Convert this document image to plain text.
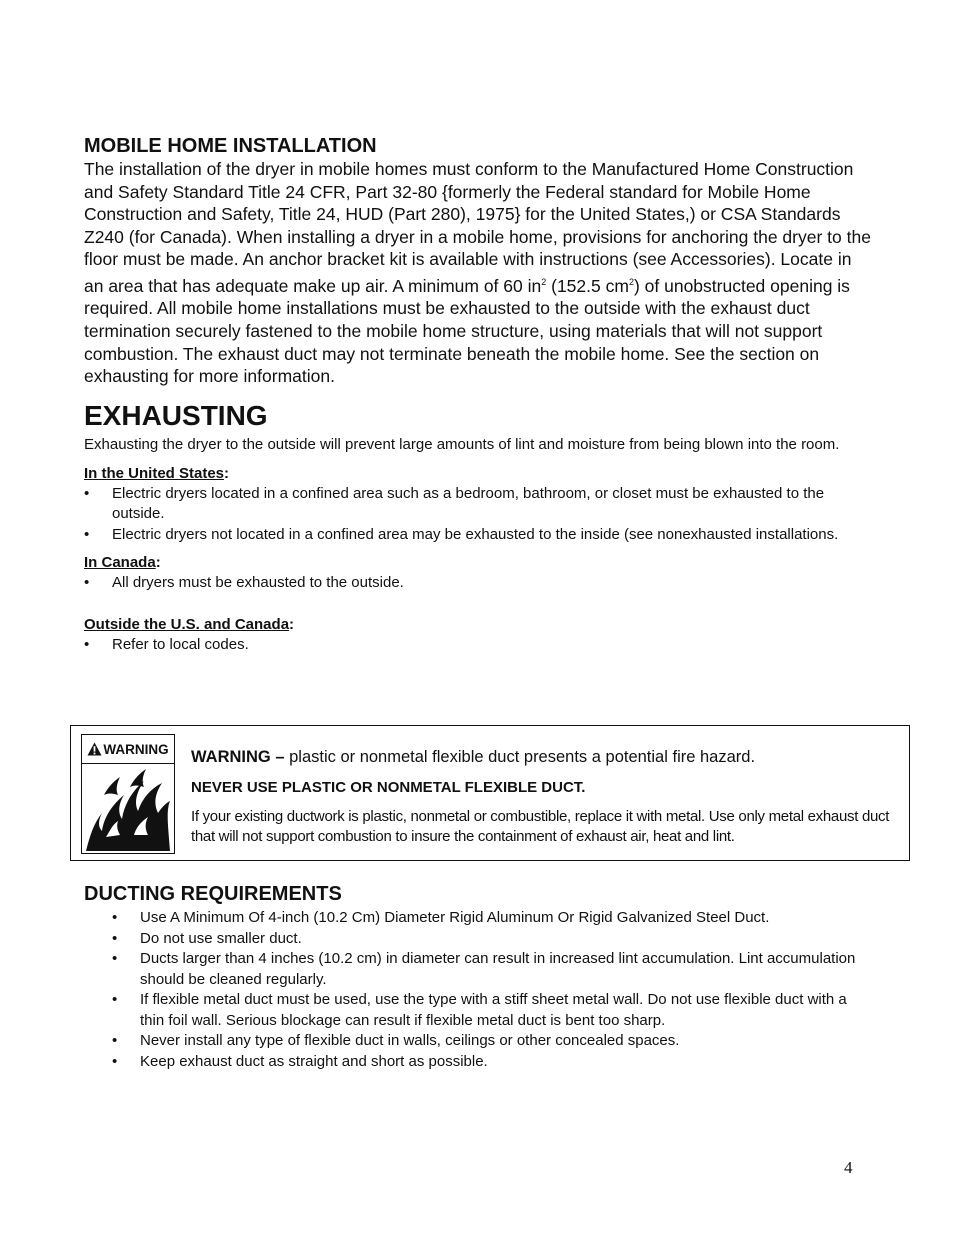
MOBILE HOME INSTALLATION

The installation of the dryer in mobile homes must conform to the Manufactured Home Construction and Safety Standard Title 24 CFR, Part 32-80 {formerly the Federal standard for Mobile Home Construction and Safety, Title 24, HUD (Part 280), 1975} for the United States,) or CSA Standards Z240 (for Canada). When installing a dryer in a mobile home, provisions for anchoring the dryer to the floor must be made. An anchor bracket kit is available with instructions (see Accessories). Locate in an area that has adequate make up air. A minimum of 60 $in^2$ (152.5 $cm^2$) of unobstructed opening is required. All mobile home installations must be exhausted to the outside with the exhaust duct termination securely fastened to the mobile home structure, using materials that will not support combustion. The exhaust duct may not terminate beneath the mobile home. See the section on exhausting for more information.

EXHAUSTING

Exhausting the dryer to the outside will prevent large amounts of lint and moisture from being blown into the room.

In the United States:

• Electric dryers located in a confined area such as a bedroom, bathroom, or closet must be exhausted to the outside.
• Electric dryers not located in a confined area may be exhausted to the inside (see nonexhausted installations.

In Canada:

• All dryers must be exhausted to the outside.

Outside the U.S. and Canada:

• Refer to local codes.
WARNING WARNING – plastic or nonmetal flexible duct presents a potential fire hazard.

NEVER USE PLASTIC OR NONMETAL FLEXIBLE DUCT.

If your existing ductwork is plastic, nonmetal or combustible, replace it with metal. Use only metal exhaust duct that will not support combustion to insure the containment of exhaust air, heat and lint.

DUCTING REQUIREMENTS
• Use A Minimum Of 4-inch (10.2 Cm) Diameter Rigid Aluminum Or Rigid Galvanized Steel Duct.
• Do not use smaller duct.
• Ducts larger than 4 inches (10.2 cm) in diameter can result in increased lint accumulation. Lint accumulation should be cleaned regularly.
• If flexible metal duct must be used, use the type with a stiff sheet metal wall. Do not use flexible duct with a thin foil wall. Serious blockage can result if flexible metal duct is bent too sharp.
• Never install any type of flexible duct in walls, ceilings or other concealed spaces.
• Keep exhaust duct as straight and short as possible.
4
